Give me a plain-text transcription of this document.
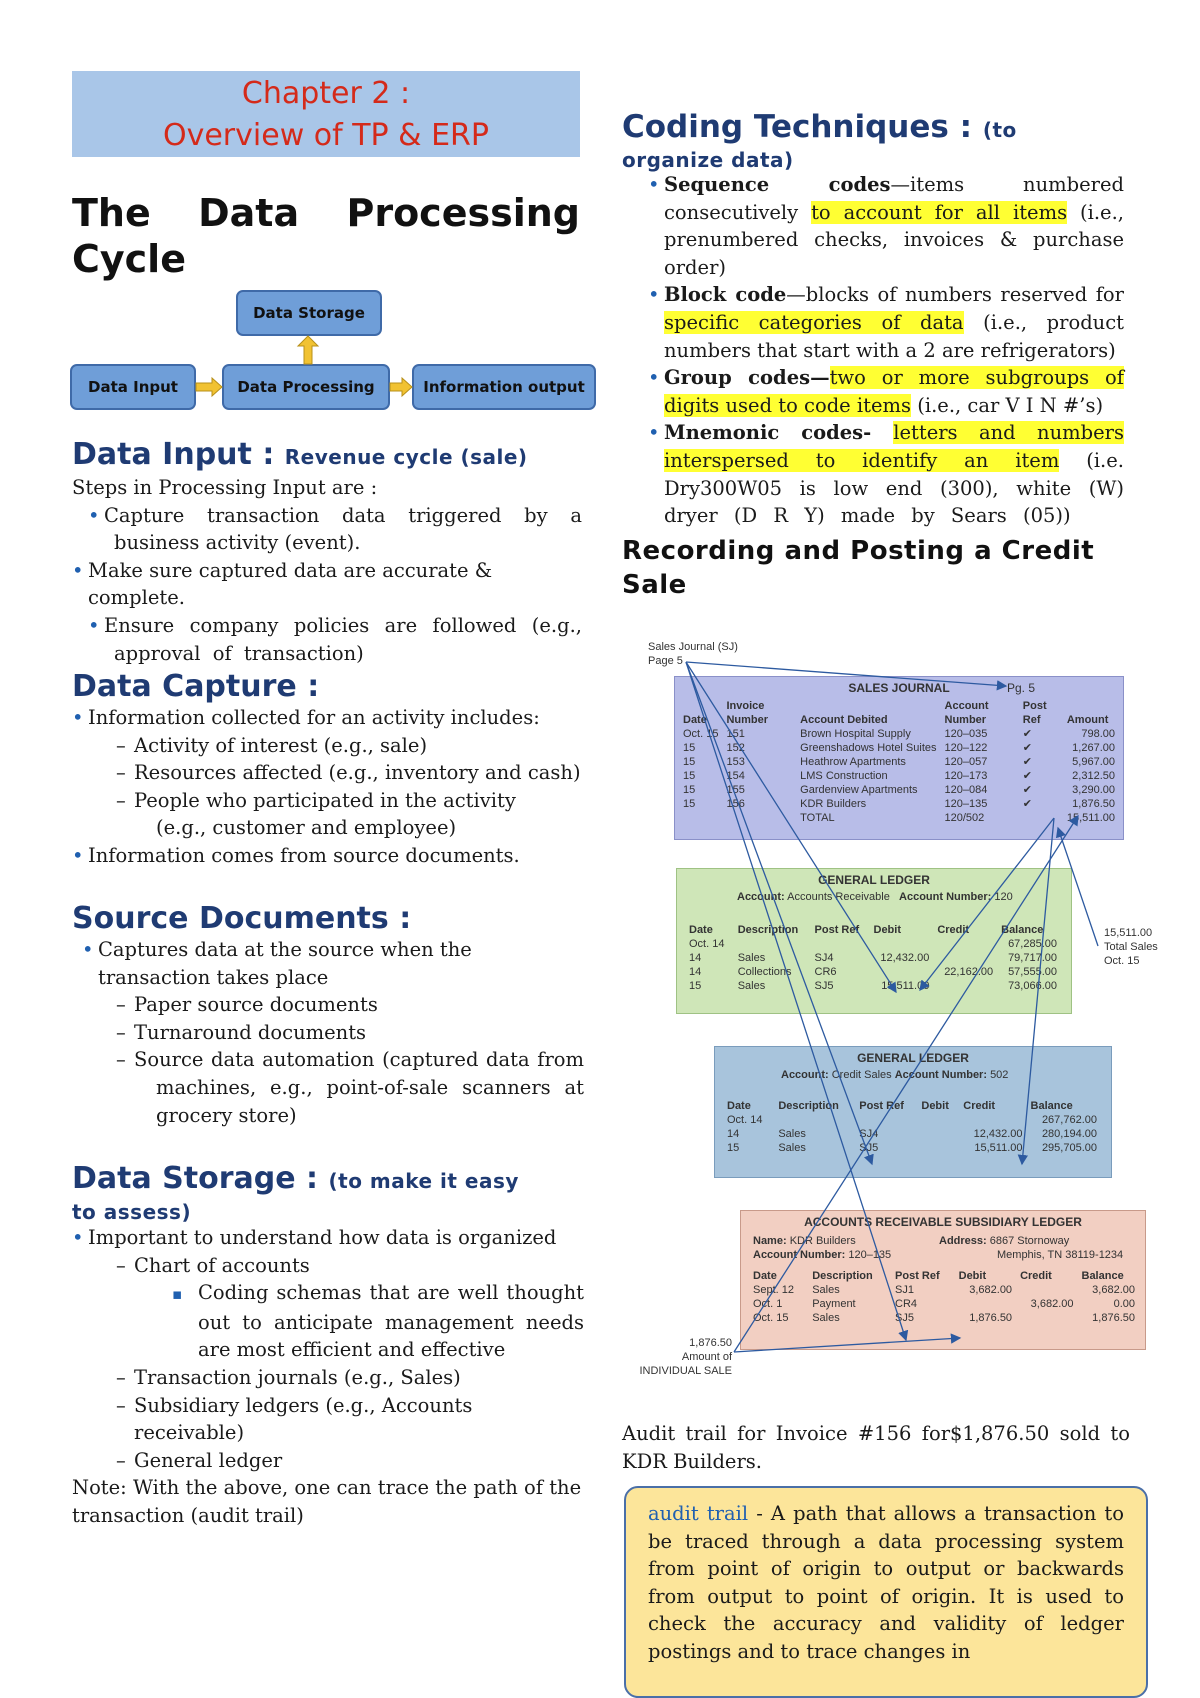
Chapter 2 :
Overview of TP & ERP
The Data Processing Cycle
Data Storage
Data Input	Data Processing	Information output
Data Input : Revenue cycle (sale)
Steps in Processing Input are :
• Capture transaction data triggered by a business activity (event).
• Make sure captured data are accurate & complete.
• Ensure company policies are followed (e.g., approval of transaction)
Data Capture :
• Information collected for an activity includes:
– Activity of interest (e.g., sale)
– Resources affected (e.g., inventory and cash)
– People who participated in the activity
(e.g., customer and employee)
• Information comes from source documents.
Source Documents :
• Captures data at the source when the transaction takes place
– Paper source documents
– Turnaround documents
– Source data automation (captured data from machines, e.g., point-of-sale scanners at grocery store)
Data Storage : (to make it easy
to assess)
• Important to understand how data is organized
– Chart of accounts
▪ Coding schemas that are well thought out to anticipate management needs are most efficient and effective
– Transaction journals (e.g., Sales)
– Subsidiary ledgers (e.g., Accounts receivable)
– General ledger
Note: With the above, one can trace the path of the transaction (audit trail)
Coding Techniques : (to
organize data)
• Sequence codes—items numbered consecutively to account for all items (i.e., prenumbered checks, invoices & purchase order)
• Block code—blocks of numbers reserved for specific categories of data (i.e., product numbers that start with a 2 are refrigerators)
• Group codes—two or more subgroups of digits used to code items (i.e., car V I N #’s)
• Mnemonic codes- letters and numbers interspersed to identify an item (i.e. Dry300W05 is low end (300), white (W) dryer (D R Y) made by Sears (05))
Recording and Posting a Credit Sale
Sales Journal (SJ)
Page 5
SALES JOURNAL	Pg. 5
Date	Invoice Number	Account Debited	Account Number	Post Ref	Amount
Oct. 15	151	Brown Hospital Supply	120–035	✔	798.00
15	152	Greenshadows Hotel Suites	120–122	✔	1,267.00
15	153	Heathrow Apartments	120–057	✔	5,967.00
15	154	LMS Construction	120–173	✔	2,312.50
15	155	Gardenview Apartments	120–084	✔	3,290.00
15	156	KDR Builders	120–135	✔	1,876.50
		TOTAL	120/502		15,511.00
GENERAL LEDGER
Account: Accounts Receivable Account Number: 120
Date	Description	Post Ref	Debit	Credit	Balance
Oct. 14					67,285.00
14	Sales	SJ4	12,432.00		79,717.00
14	Collections	CR6		22,162.00	57,555.00
15	Sales	SJ5	15,511.00		73,066.00
15,511.00
Total Sales
Oct. 15
GENERAL LEDGER
Account: Credit Sales Account Number: 502
Date	Description	Post Ref	Debit	Credit	Balance
Oct. 14					267,762.00
14	Sales	SJ4		12,432.00	280,194.00
15	Sales	SJ5		15,511.00	295,705.00
ACCOUNTS RECEIVABLE SUBSIDIARY LEDGER
Name: KDR Builders	Address: 6867 Stornoway
Memphis, TN 38119-1234
Account Number: 120–135
Date	Description	Post Ref	Debit	Credit	Balance
Sept. 12	Sales	SJ1	3,682.00		3,682.00
Oct. 1	Payment	CR4		3,682.00	0.00
Oct. 15	Sales	SJ5	1,876.50		1,876.50
1,876.50
Amount of
INDIVIDUAL SALE
Audit trail for Invoice #156 for$1,876.50 sold to KDR Builders.
audit trail - A path that allows a transaction to be traced through a data processing system from point of origin to output or backwards from output to point of origin. It is used to check the accuracy and validity of ledger postings and to trace changes in
